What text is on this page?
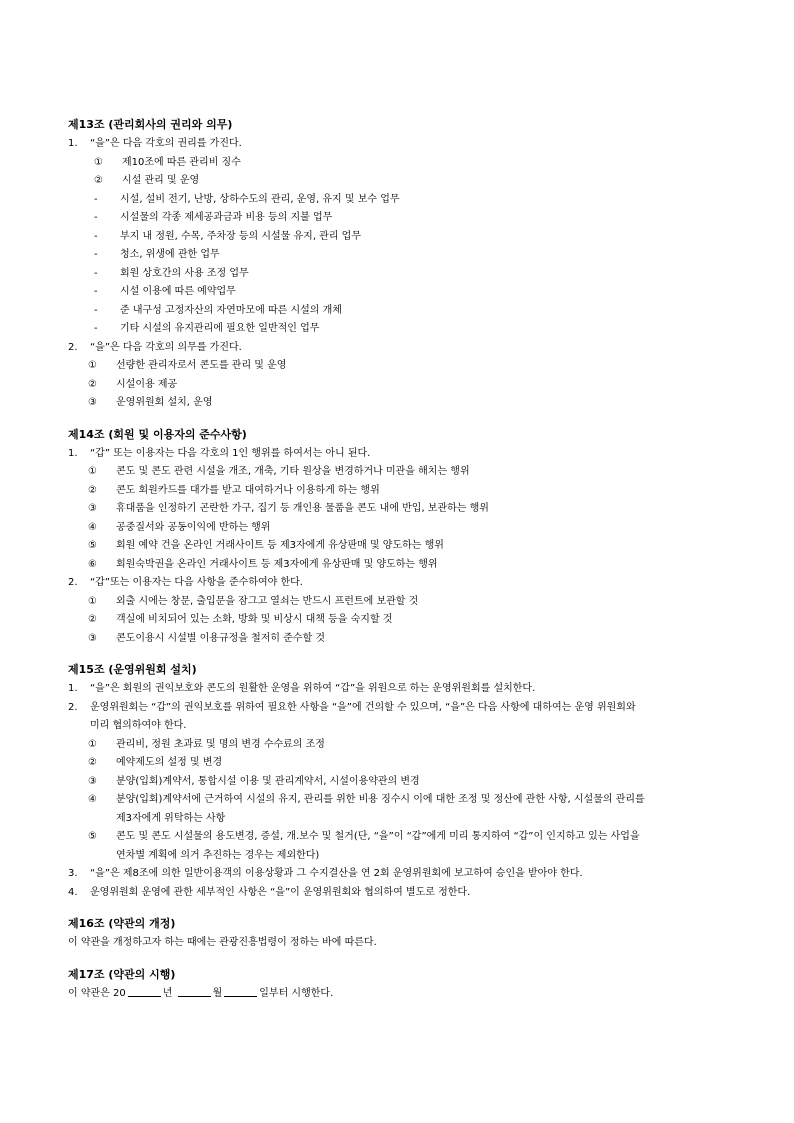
제13조 (관리회사의 권리와 의무)
1.	“을”은 다음 각호의 권리를 가진다.
①	제10조에 따른 관리비 징수
②	시설 관리 및 운영
-	시설, 설비 전기, 난방, 상하수도의 관리, 운영, 유지 및 보수 업무
-	시설물의 각종 제세공과금과 비용 등의 지불 업무
-	부지 내 정원, 수목, 주차장 등의 시설물 유지, 관리 업무
-	청소, 위생에 관한 업무
-	회원 상호간의 사용 조정 업무
-	시설 이용에 따른 예약업무
-	준 내구성 고정자산의 자연마모에 따른 시설의 개체
-	기타 시설의 유지관리에 필요한 일반적인 업무
2.	“을”은 다음 각호의 의무를 가진다.
①	선량한 관리자로서 콘도를 관리 및 운영
②	시설이용 제공
③	운영위원회 설치, 운영
제14조 (회원 및 이용자의 준수사항)
1.	“갑” 또는 이용자는 다음 각호의 1인 행위를 하여서는 아니 된다.
①	콘도 및 콘도 관련 시설을 개조, 개축, 기타 원상을 변경하거나 미관을 해치는 행위
②	콘도 회원카드를 대가를 받고 대여하거나 이용하게 하는 행위
③	휴대품을 인정하기 곤란한 가구, 집기 등 개인용 물품을 콘도 내에 반입, 보관하는 행위
④	공중질서와 공동이익에 반하는 행위
⑤	회원 예약 건을 온라인 거래사이트 등 제3자에게 유상판매 및 양도하는 행위
⑥	회원숙박권을 온라인 거래사이트 등 제3자에게 유상판매 및 양도하는 행위
2.	“갑”또는 이용자는 다음 사항을 준수하여야 한다.
①	외출 시에는 창문, 출입문을 잠그고 열쇠는 반드시 프런트에 보관할 것
②	객실에 비치되어 있는 소화, 방화 및 비상시 대책 등을 숙지할 것
③	콘도이용시 시설별 이용규정을 철저히 준수할 것
제15조 (운영위원회 설치)
1.	“을”은 회원의 권익보호와 콘도의 원활한 운영을 위하여 “갑”을 위원으로 하는 운영위원회를 설치한다.
2.	운영위원회는 “갑”의 권익보호를 위하여 필요한 사항을 “을”에 건의할 수 있으며, “을”은 다음 사항에 대하여는 운영 위원회와
미리 협의하여야 한다.
①	관리비, 정원 초과료 및 명의 변경 수수료의 조정
②	예약제도의 설정 및 변경
③	분양(입회)계약서, 통합시설 이용 및 관리계약서, 시설이용약관의 변경
④	분양(입회)계약서에 근거하여 시설의 유지, 관리를 위한 비용 징수시 이에 대한 조정 및 정산에 관한 사항, 시설물의 관리를
제3자에게 위탁하는 사항
⑤	콘도 및 콘도 시설물의 용도변경, 증설, 개.보수 및 철거(단, “을”이 “갑”에게 미리 통지하여 “갑”이 인지하고 있는 사업을
연차별 계획에 의거 추진하는 경우는 제외한다)
3.	“을”은 제8조에 의한 일반이용객의 이용상황과 그 수지결산을 연 2회 운영위원회에 보고하여 승인을 받아야 한다.
4.	운영위원회 운영에 관한 세부적인 사항은 “을”이 운영위원회와 협의하여 별도로 정한다.
제16조 (약관의 개정)
이 약관을 개정하고자 하는 때에는 관광진흥법령이 정하는 바에 따른다.
제17조 (약관의 시행)
이 약관은 20	년	월	일부터 시행한다.
